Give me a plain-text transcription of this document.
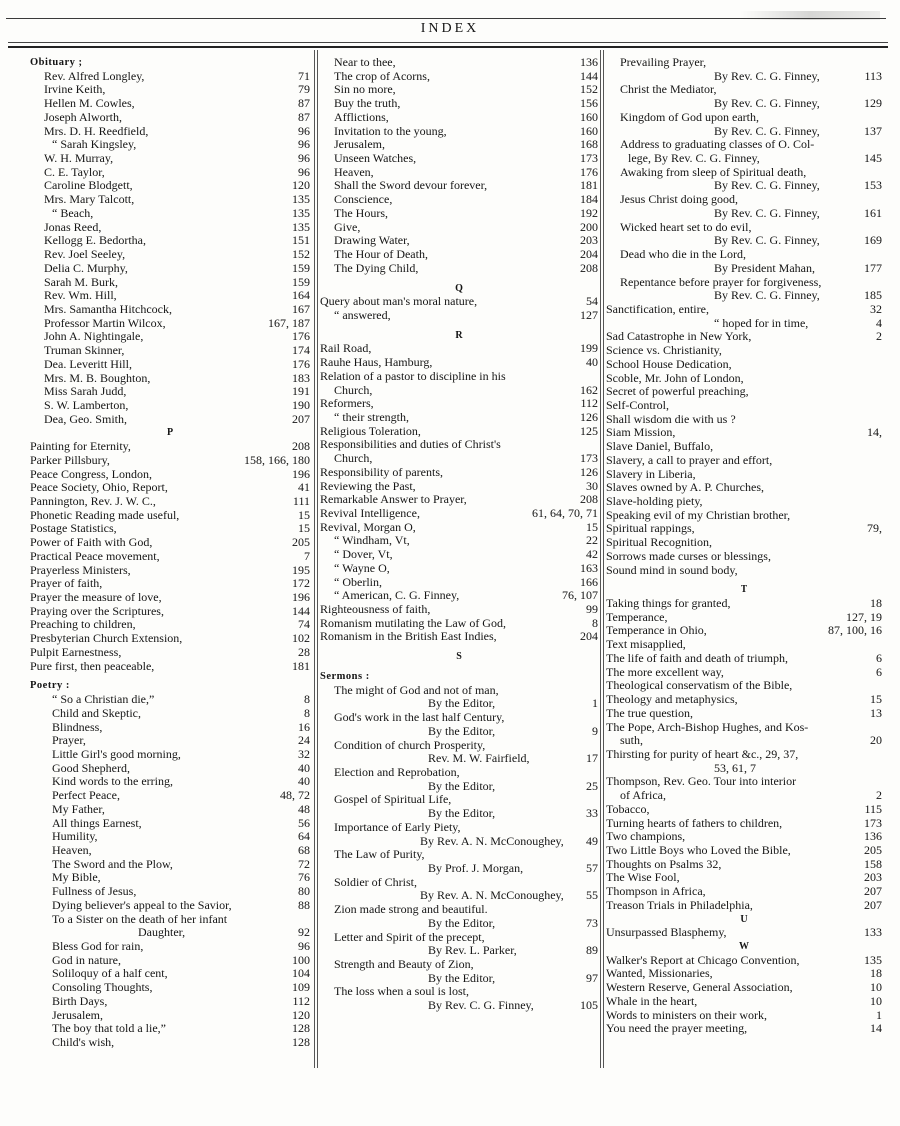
INDEX
Obituary ;
Rev. Alfred Longley,	71
Irvine Keith,	79
Hellen M. Cowles,	87
Joseph Alworth,	87
Mrs. D. H. Reedfield,	96
“ Sarah Kingsley,	96
W. H. Murray,	96
C. E. Taylor,	96
Caroline Blodgett,	120
Mrs. Mary Talcott,	135
“ Beach,	135
Jonas Reed,	135
Kellogg E. Bedortha,	151
Rev. Joel Seeley,	152
Delia C. Murphy,	159
Sarah M. Burk,	159
Rev. Wm. Hill,	164
Mrs. Samantha Hitchcock,	167
Professor Martin Wilcox,	167, 187
John A. Nightingale,	176
Truman Skinner,	174
Dea. Leveritt Hill,	176
Mrs. M. B. Boughton,	183
Miss Sarah Judd,	191
S. W. Lamberton,	190
Dea, Geo. Smith,	207
P
Painting for Eternity,	208
Parker Pillsbury,	158, 166, 180
Peace Congress, London,	196
Peace Society, Ohio, Report,	41
Pannington, Rev. J. W. C.,	111
Phonetic Reading made useful,	15
Postage Statistics,	15
Power of Faith with God,	205
Practical Peace movement,	7
Prayerless Ministers,	195
Prayer of faith,	172
Prayer the measure of love,	196
Praying over the Scriptures,	144
Preaching to children,	74
Presbyterian Church Extension,	102
Pulpit Earnestness,	28
Pure first, then peaceable,	181
Poetry :
“ So a Christian die,”	8
Child and Skeptic,	8
Blindness,	16
Prayer,	24
Little Girl's good morning,	32
Good Shepherd,	40
Kind words to the erring,	40
Perfect Peace,	48, 72
My Father,	48
All things Earnest,	56
Humility,	64
Heaven,	68
The Sword and the Plow,	72
My Bible,	76
Fullness of Jesus,	80
Dying believer's appeal to the Savior,	88
To a Sister on the death of her infant
Daughter,	92
Bless God for rain,	96
God in nature,	100
Soliloquy of a half cent,	104
Consoling Thoughts,	109
Birth Days,	112
Jerusalem,	120
The boy that told a lie,”	128
Child's wish,	128
Near to thee,	136
The crop of Acorns,	144
Sin no more,	152
Buy the truth,	156
Afflictions,	160
Invitation to the young,	160
Jerusalem,	168
Unseen Watches,	173
Heaven,	176
Shall the Sword devour forever,	181
Conscience,	184
The Hours,	192
Give,	200
Drawing Water,	203
The Hour of Death,	204
The Dying Child,	208
Q
Query about man's moral nature,	54
“ answered,	127
R
Rail Road,	199
Rauhe Haus, Hamburg,	40
Relation of a pastor to discipline in his
Church,	162
Reformers,	112
“ their strength,	126
Religious Toleration,	125
Responsibilities and duties of Christ's
Church,	173
Responsibility of parents,	126
Reviewing the Past,	30
Remarkable Answer to Prayer,	208
Revival Intelligence,	61, 64, 70, 71
Revival, Morgan O,	15
“ Windham, Vt,	22
“ Dover, Vt,	42
“ Wayne O,	163
“ Oberlin,	166
“ American, C. G. Finney,	76, 107
Righteousness of faith,	99
Romanism mutilating the Law of God,	8
Romanism in the British East Indies,	204
S
Sermons :
The might of God and not of man,
By the Editor,	1
God's work in the last half Century,
By the Editor,	9
Condition of church Prosperity,
Rev. M. W. Fairfield,	17
Election and Reprobation,
By the Editor,	25
Gospel of Spiritual Life,
By the Editor,	33
Importance of Early Piety,
By Rev. A. N. McConoughey,	49
The Law of Purity,
By Prof. J. Morgan,	57
Soldier of Christ,
By Rev. A. N. McConoughey,	55
Zion made strong and beautiful.
By the Editor,	73
Letter and Spirit of the precept,
By Rev. L. Parker,	89
Strength and Beauty of Zion,
By the Editor,	97
The loss when a soul is lost,
By Rev. C. G. Finney,	105
Prevailing Prayer,
By Rev. C. G. Finney,	113
Christ the Mediator,
By Rev. C. G. Finney,	129
Kingdom of God upon earth,
By Rev. C. G. Finney,	137
Address to graduating classes of O. Col-
lege, By Rev. C. G. Finney,	145
Awaking from sleep of Spiritual death,
By Rev. C. G. Finney,	153
Jesus Christ doing good,
By Rev. C. G. Finney,	161
Wicked heart set to do evil,
By Rev. C. G. Finney,	169
Dead who die in the Lord,
By President Mahan,	177
Repentance before prayer for forgiveness,
By Rev. C. G. Finney,	185
Sanctification, entire,	32
“ hoped for in time,	4
Sad Catastrophe in New York,	2
Science vs. Christianity,
School House Dedication,
Scoble, Mr. John of London,
Secret of powerful preaching,
Self-Control,
Shall wisdom die with us ?
Siam Mission,	14,
Slave Daniel, Buffalo,
Slavery, a call to prayer and effort,
Slavery in Liberia,
Slaves owned by A. P. Churches,
Slave-holding piety,
Speaking evil of my Christian brother,
Spiritual rappings,	79,
Spiritual Recognition,
Sorrows made curses or blessings,
Sound mind in sound body,
T
Taking things for granted,	18
Temperance,	127, 19
Temperance in Ohio,	87, 100, 16
Text misapplied,
The life of faith and death of triumph,	6
The more excellent way,	6
Theological conservatism of the Bible,
Theology and metaphysics,	15
The true question,	13
The Pope, Arch-Bishop Hughes, and Kos-
suth,	20
Thirsting for purity of heart &c., 29, 37,
53, 61, 7
Thompson, Rev. Geo. Tour into interior
of Africa,	2
Tobacco,	115
Turning hearts of fathers to children,	173
Two champions,	136
Two Little Boys who Loved the Bible,	205
Thoughts on Psalms 32,	158
The Wise Fool,	203
Thompson in Africa,	207
Treason Trials in Philadelphia,	207
U
Unsurpassed Blasphemy,	133
W
Walker's Report at Chicago Convention,	135
Wanted, Missionaries,	18
Western Reserve, General Association,	10
Whale in the heart,	10
Words to ministers on their work,	1
You need the prayer meeting,	14
